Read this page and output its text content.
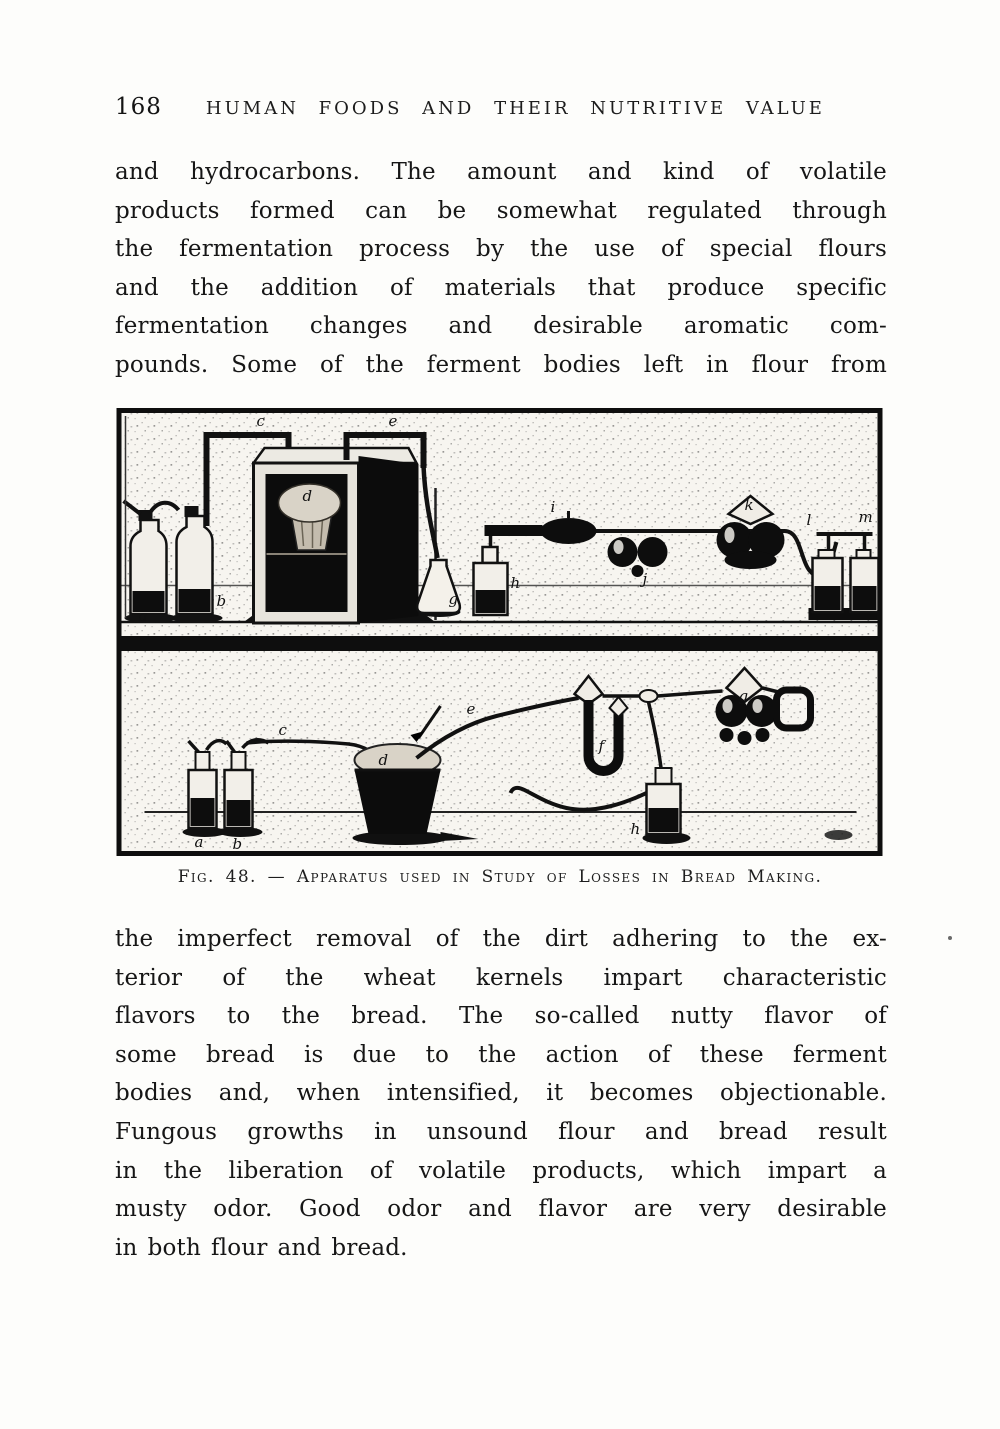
168 HUMAN FOODS AND THEIR NUTRITIVE VALUE
and hydrocarbons. The amount and kind of volatile
products formed can be somewhat regulated through
the fermentation process by the use of special flours
and the addition of materials that produce specific
fermentation changes and desirable aromatic com-
pounds. Some of the ferment bodies left in flour from
a
b
c
d
e
g
h
i
j
k
l	m
a b
c
d
e
f
g
h
Fig. 48. — Apparatus used in Study of Losses in Bread Making.
the imperfect removal of the dirt adhering to the ex-
terior of the wheat kernels impart characteristic
flavors to the bread. The so-called nutty flavor of
some bread is due to the action of these ferment
bodies and, when intensified, it becomes objectionable.
Fungous growths in unsound flour and bread result
in the liberation of volatile products, which impart a
musty odor. Good odor and flavor are very desirable
in both flour and bread.
